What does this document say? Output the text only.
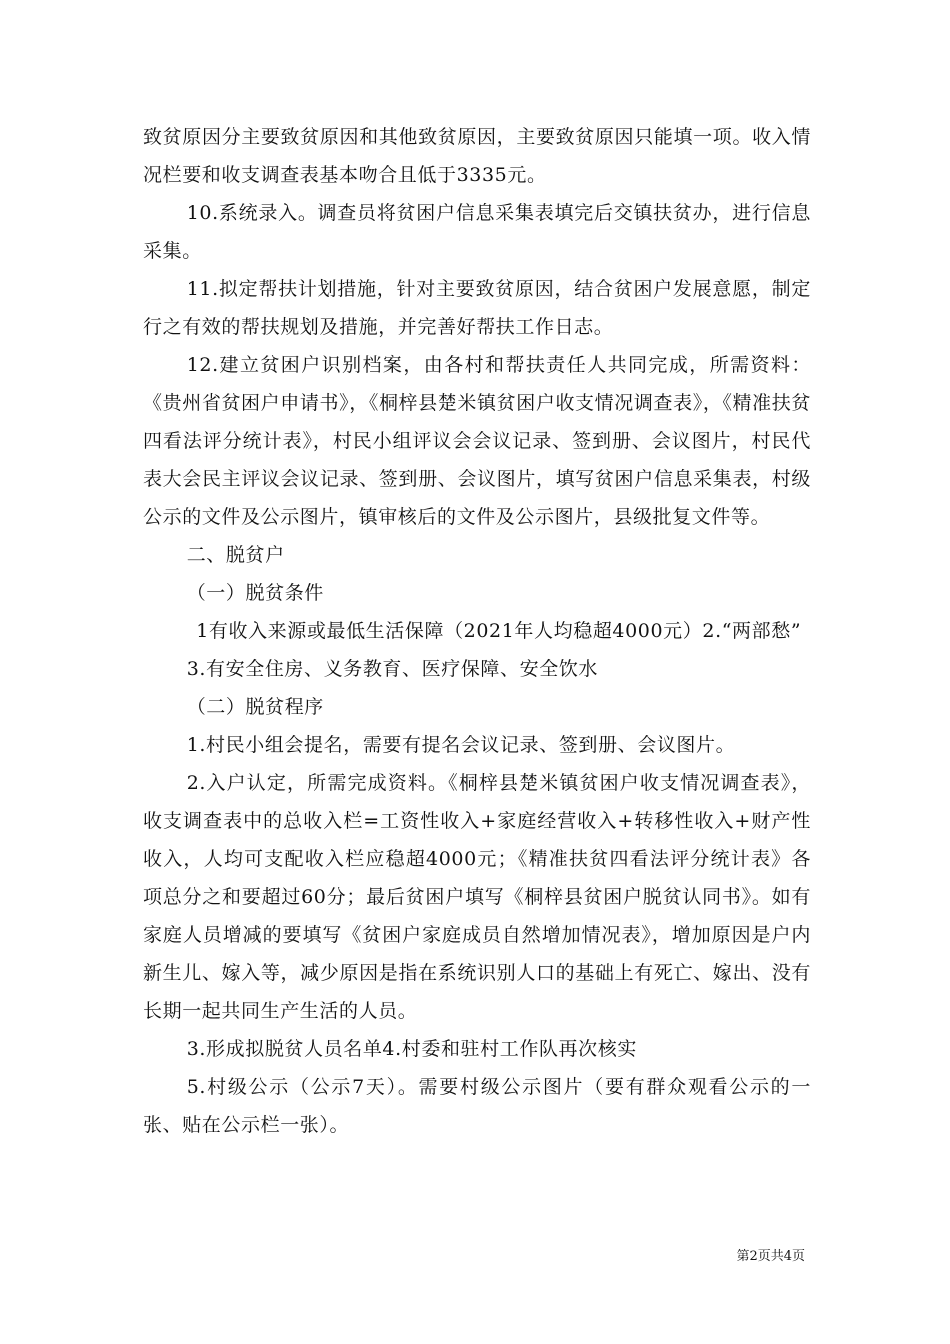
致贫原因分主要致贫原因和其他致贫原因，主要致贫原因只能填一项。收入情况栏要和收支调查表基本吻合且低于3335元。

10.系统录入。调查员将贫困户信息采集表填完后交镇扶贫办，进行信息采集。

11.拟定帮扶计划措施，针对主要致贫原因，结合贫困户发展意愿，制定行之有效的帮扶规划及措施，并完善好帮扶工作日志。

12.建立贫困户识别档案，由各村和帮扶责任人共同完成，所需资料：《贵州省贫困户申请书》，《桐梓县楚米镇贫困户收支情况调查表》，《精准扶贫四看法评分统计表》，村民小组评议会会议记录、签到册、会议图片，村民代表大会民主评议会议记录、签到册、会议图片，填写贫困户信息采集表，村级公示的文件及公示图片，镇审核后的文件及公示图片，县级批复文件等。

二、脱贫户

（一）脱贫条件

1有收入来源或最低生活保障（2021年人均稳超4000元）2.“两部愁”

3.有安全住房、义务教育、医疗保障、安全饮水

（二）脱贫程序

1.村民小组会提名，需要有提名会议记录、签到册、会议图片。

2.入户认定，所需完成资料。《桐梓县楚米镇贫困户收支情况调查表》，收支调查表中的总收入栏=工资性收入+家庭经营收入+转移性收入+财产性收入，人均可支配收入栏应稳超4000元；《精准扶贫四看法评分统计表》各项总分之和要超过60分；最后贫困户填写《桐梓县贫困户脱贫认同书》。如有家庭人员增减的要填写《贫困户家庭成员自然增加情况表》，增加原因是户内新生儿、嫁入等，减少原因是指在系统识别人口的基础上有死亡、嫁出、没有长期一起共同生产生活的人员。

3.形成拟脱贫人员名单4.村委和驻村工作队再次核实

5.村级公示（公示7天）。需要村级公示图片（要有群众观看公示的一张、贴在公示栏一张）。

第2页共4页
